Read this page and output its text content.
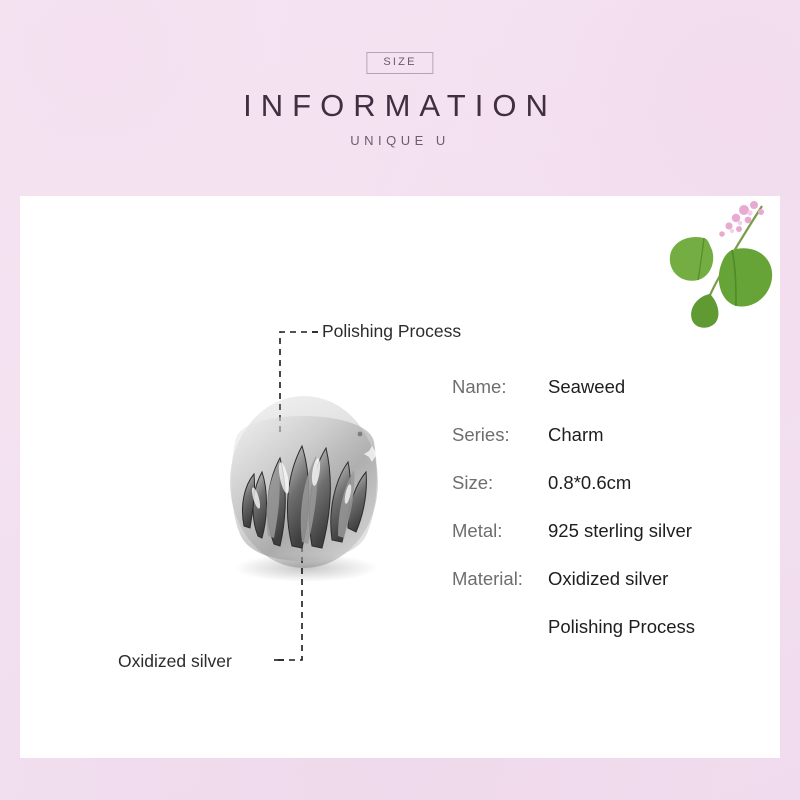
SIZE
INFORMATION
UNIQUE U
Polishing Process
Oxidized silver
Name:	Seaweed
Series:	Charm
Size:	0.8*0.6cm
Metal:	925 sterling silver
Material:	Oxidized silver
Polishing Process
